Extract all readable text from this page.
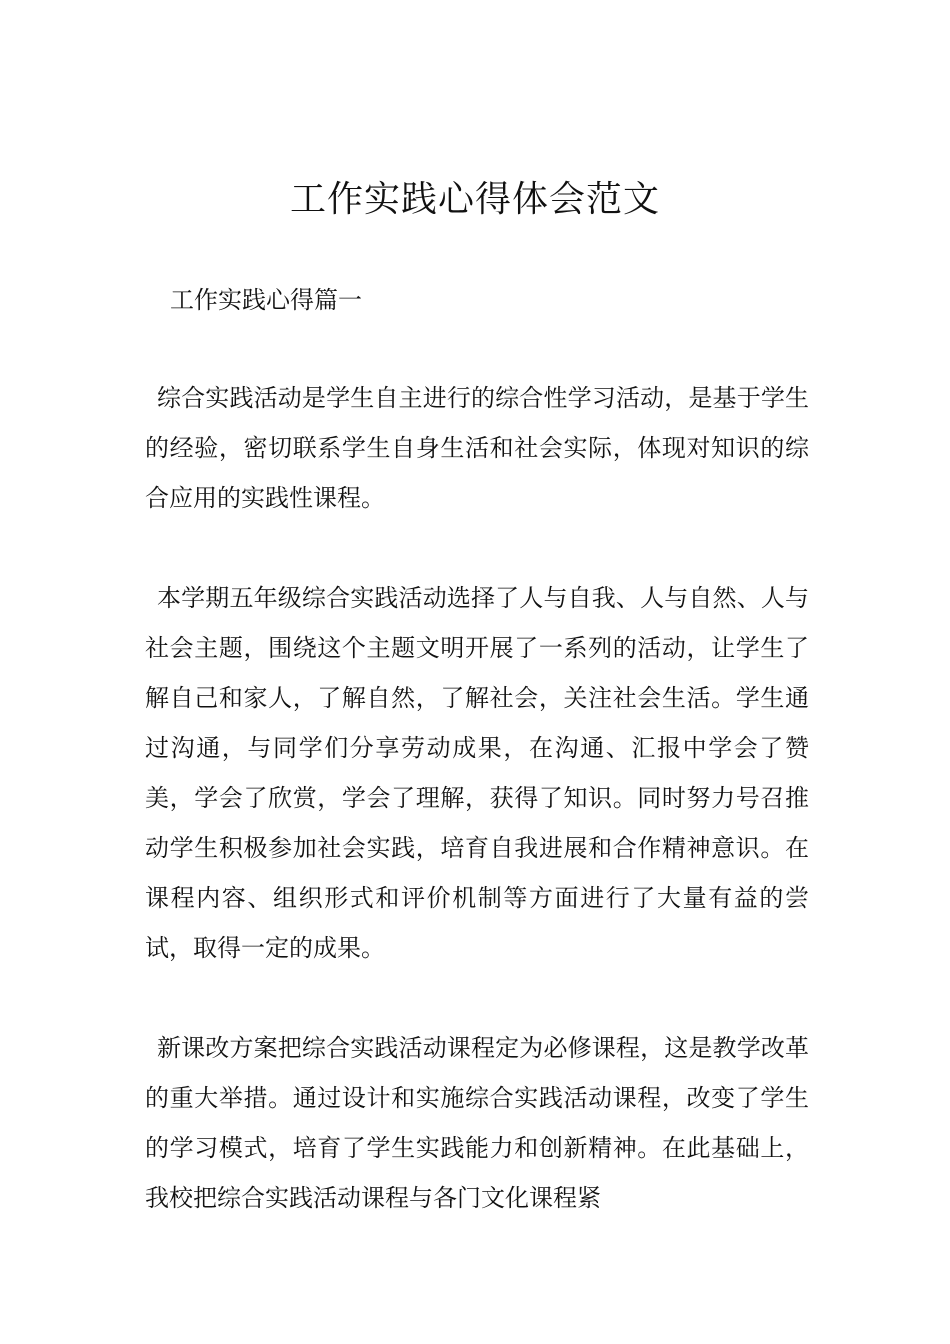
工作实践心得体会范文
工作实践心得篇一

综合实践活动是学生自主进行的综合性学习活动，是基于学生的经验，密切联系学生自身生活和社会实际，体现对知识的综合应用的实践性课程。

本学期五年级综合实践活动选择了人与自我、人与自然、人与社会主题，围绕这个主题文明开展了一系列的活动，让学生了解自己和家人，了解自然，了解社会，关注社会生活。学生通过沟通，与同学们分享劳动成果，在沟通、汇报中学会了赞美，学会了欣赏，学会了理解，获得了知识。同时努力号召推动学生积极参加社会实践，培育自我进展和合作精神意识。在课程内容、组织形式和评价机制等方面进行了大量有益的尝试，取得一定的成果。

新课改方案把综合实践活动课程定为必修课程，这是教学改革的重大举措。通过设计和实施综合实践活动课程，改变了学生的学习模式，培育了学生实践能力和创新精神。在此基础上，我校把综合实践活动课程与各门文化课程紧
